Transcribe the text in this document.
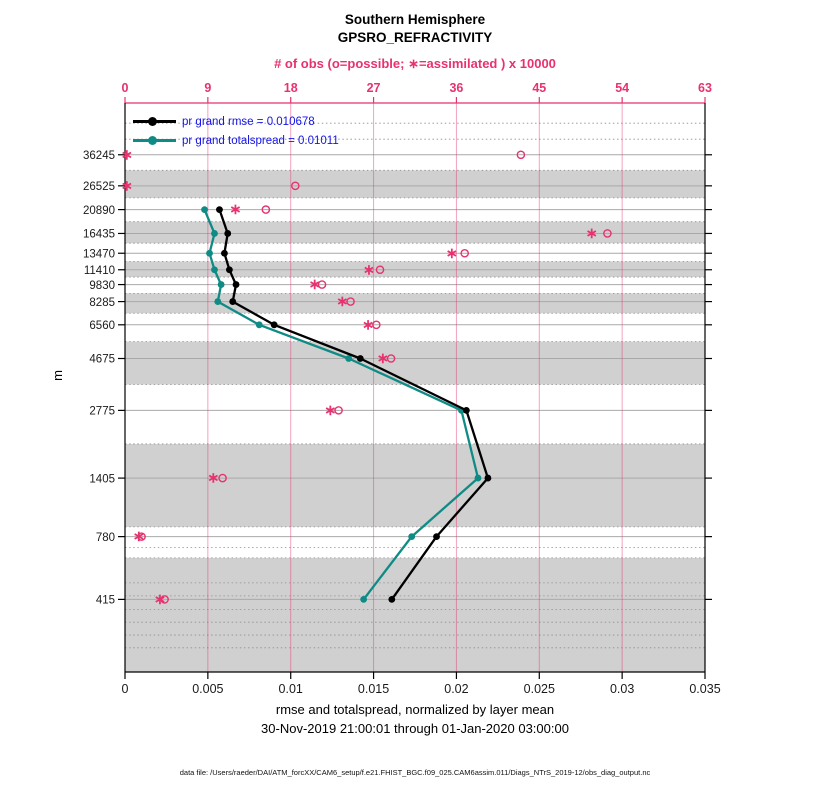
36245
26525
20890
16435
13470
11410
9830
8285
6560
4675
2775
1405
780
415
0	9	18	27	36	45	54	63
0	0.005	0.01	0.015	0.02	0.025	0.03	0.035
∗
∗
∗
∗
∗
∗
∗
∗
∗
∗
∗
∗
∗
∗
Southern Hemisphere
GPSRO_REFRACTIVITY
# of obs (o=possible; ∗=assimilated ) x 10000
pr grand rmse = 0.010678
pr grand totalspread = 0.01011
m
rmse and totalspread, normalized by layer mean
30-Nov-2019 21:00:01 through 01-Jan-2020 03:00:00
data file: /Users/raeder/DAI/ATM_forcXX/CAM6_setup/f.e21.FHIST_BGC.f09_025.CAM6assim.011/Diags_NTrS_2019-12/obs_diag_output.nc
